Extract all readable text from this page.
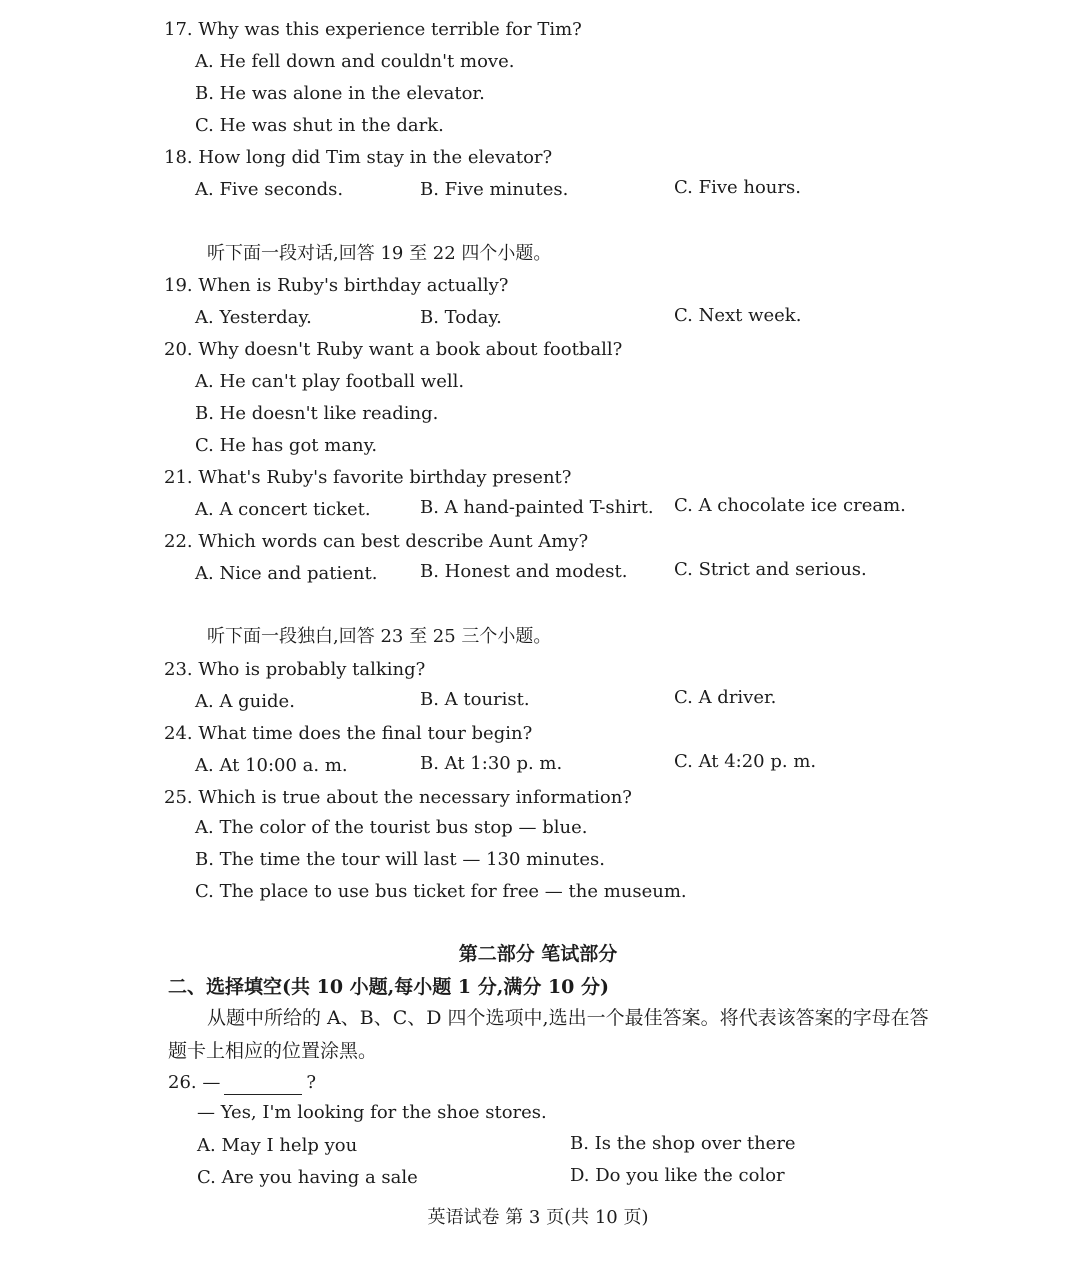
17. Why was this experience terrible for Tim?
A. He fell down and couldn't move.
B. He was alone in the elevator.
C. He was shut in the dark.
18. How long did Tim stay in the elevator?
A. Five seconds.	B. Five minutes.	C. Five hours.
听下面一段对话,回答 19 至 22 四个小题。
19. When is Ruby's birthday actually?
A. Yesterday.	B. Today.	C. Next week.
20. Why doesn't Ruby want a book about football?
A. He can't play football well.
B. He doesn't like reading.
C. He has got many.
21. What's Ruby's favorite birthday present?
A. A concert ticket.	B. A hand-painted T-shirt. C. A chocolate ice cream.
22. Which words can best describe Aunt Amy?
A. Nice and patient. B. Honest and modest.	C. Strict and serious.
听下面一段独白,回答 23 至 25 三个小题。
23. Who is probably talking?
A. A guide.	B. A tourist.	C. A driver.
24. What time does the final tour begin?
A. At 10:00 a. m.	B. At 1:30 p. m.	C. At 4:20 p. m.
25. Which is true about the necessary information?
A. The color of the tourist bus stop — blue.
B. The time the tour will last — 130 minutes.
C. The place to use bus ticket for free — the museum.
第二部分 笔试部分
二、选择填空(共 10 小题,每小题 1 分,满分 10 分)
从题中所给的 A、B、C、D 四个选项中,选出一个最佳答案。将代表该答案的字母在答
题卡上相应的位置涂黑。
26. —	?
— Yes, I'm looking for the shoe stores.
A. May I help you	B. Is the shop over there
C. Are you having a sale	D. Do you like the color
英语试卷 第 3 页(共 10 页)
